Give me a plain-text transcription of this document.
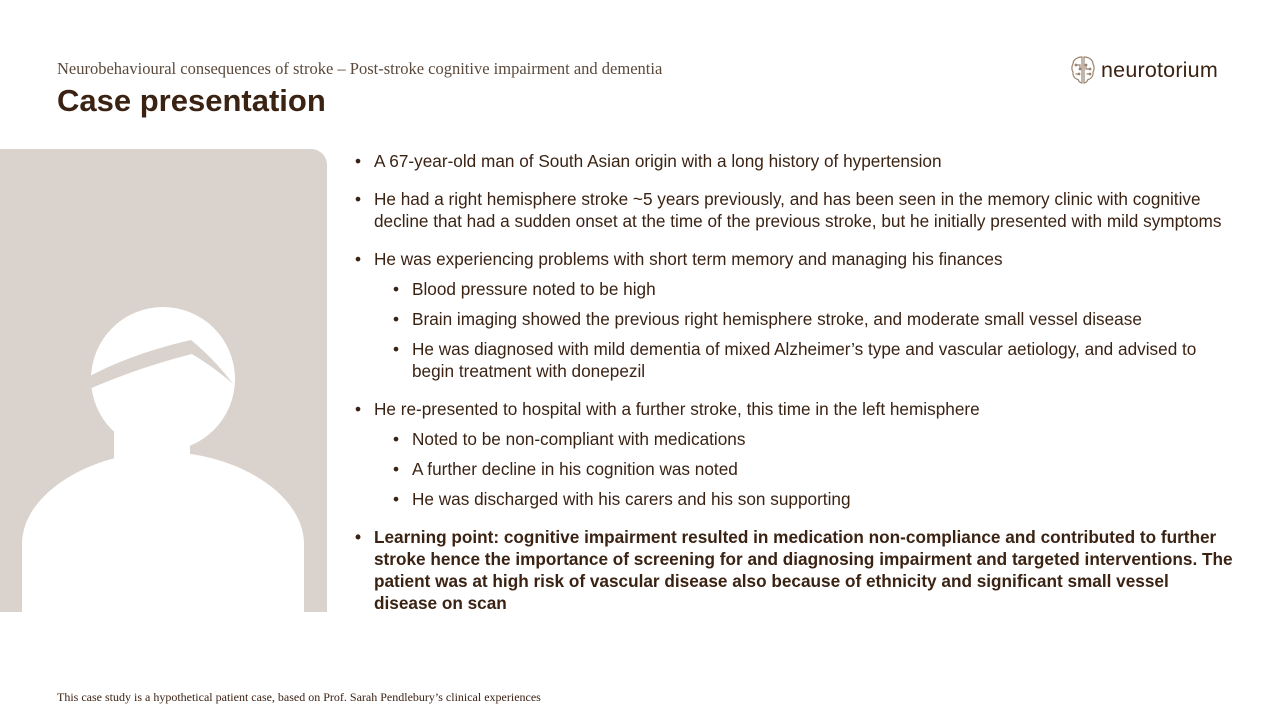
Neurobehavioural consequences of stroke – Post-stroke cognitive impairment and dementia
Case presentation
neurotorium
• A 67-year-old man of South Asian origin with a long history of hypertension
• He had a right hemisphere stroke ~5 years previously, and has been seen in the memory clinic with cognitive decline that had a sudden onset at the time of the previous stroke, but he initially presented with mild symptoms
• He was experiencing problems with short term memory and managing his finances
• Blood pressure noted to be high
• Brain imaging showed the previous right hemisphere stroke, and moderate small vessel disease
• He was diagnosed with mild dementia of mixed Alzheimer’s type and vascular aetiology, and advised to begin treatment with donepezil
• He re-presented to hospital with a further stroke, this time in the left hemisphere
• Noted to be non-compliant with medications
• A further decline in his cognition was noted
• He was discharged with his carers and his son supporting
• Learning point: cognitive impairment resulted in medication non-compliance and contributed to further stroke hence the importance of screening for and diagnosing impairment and targeted interventions. The patient was at high risk of vascular disease also because of ethnicity and significant small vessel disease on scan
This case study is a hypothetical patient case, based on Prof. Sarah Pendlebury’s clinical experiences
